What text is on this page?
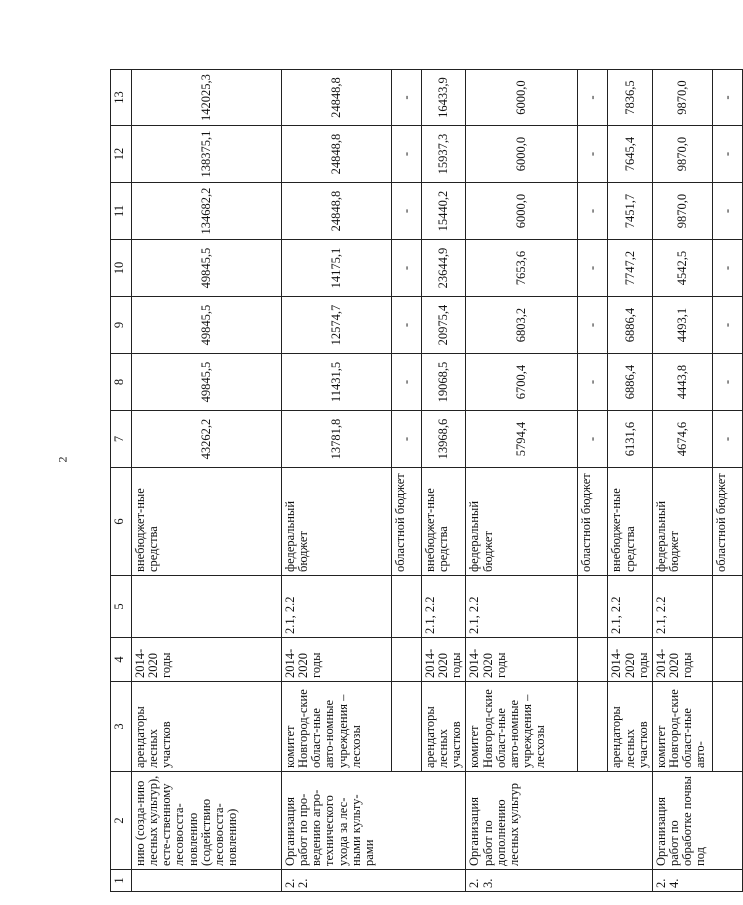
2
1	2	3	4	5	6	7	8	9	10	11	12	13
	нию (созда-нию лесных культур), есте-ственному лесовосста-новлению (содействию лесовосста-новлению)	арендаторы лесных участков	2014-2020 годы		внебюджет-ные средства	43262,2	49845,5	49845,5	49845,5	134682,2	138375,1	142025,3
2.2.	Организация работ по про-ведению агро-технического ухода за лес-ными культу-рами	комитет Новгород-ские област-ные авто-номные учреждения – лесхозы	2014-2020 годы	2.1, 2.2	федеральный бюджет	13781,8	11431,5	12574,7	14175,1	24848,8	24848,8	24848,8
					областной бюджет	-	-	-	-	-	-	-
		арендаторы лесных участков	2014-2020 годы	2.1, 2.2	внебюджет-ные средства	13968,6	19068,5	20975,4	23644,9	15440,2	15937,3	16433,9
2.3.	Организация работ по дополнению лесных культур	комитет Новгород-ские област-ные авто-номные учреждения – лесхозы	2014-2020 годы	2.1, 2.2	федеральный бюджет	5794,4	6700,4	6803,2	7653,6	6000,0	6000,0	6000,0
					областной бюджет	-	-	-	-	-	-	-
		арендаторы лесных участков	2014-2020 годы	2.1, 2.2	внебюджет-ные средства	6131,6	6886,4	6886,4	7747,2	7451,7	7645,4	7836,5
2.4.	Организация работ по обработке почвы под	комитет Новгород-ские област-ные авто-	2014-2020 годы	2.1, 2.2	федеральный бюджет	4674,6	4443,8	4493,1	4542,5	9870,0	9870,0	9870,0
					областной бюджет	-	-	-	-	-	-	-
